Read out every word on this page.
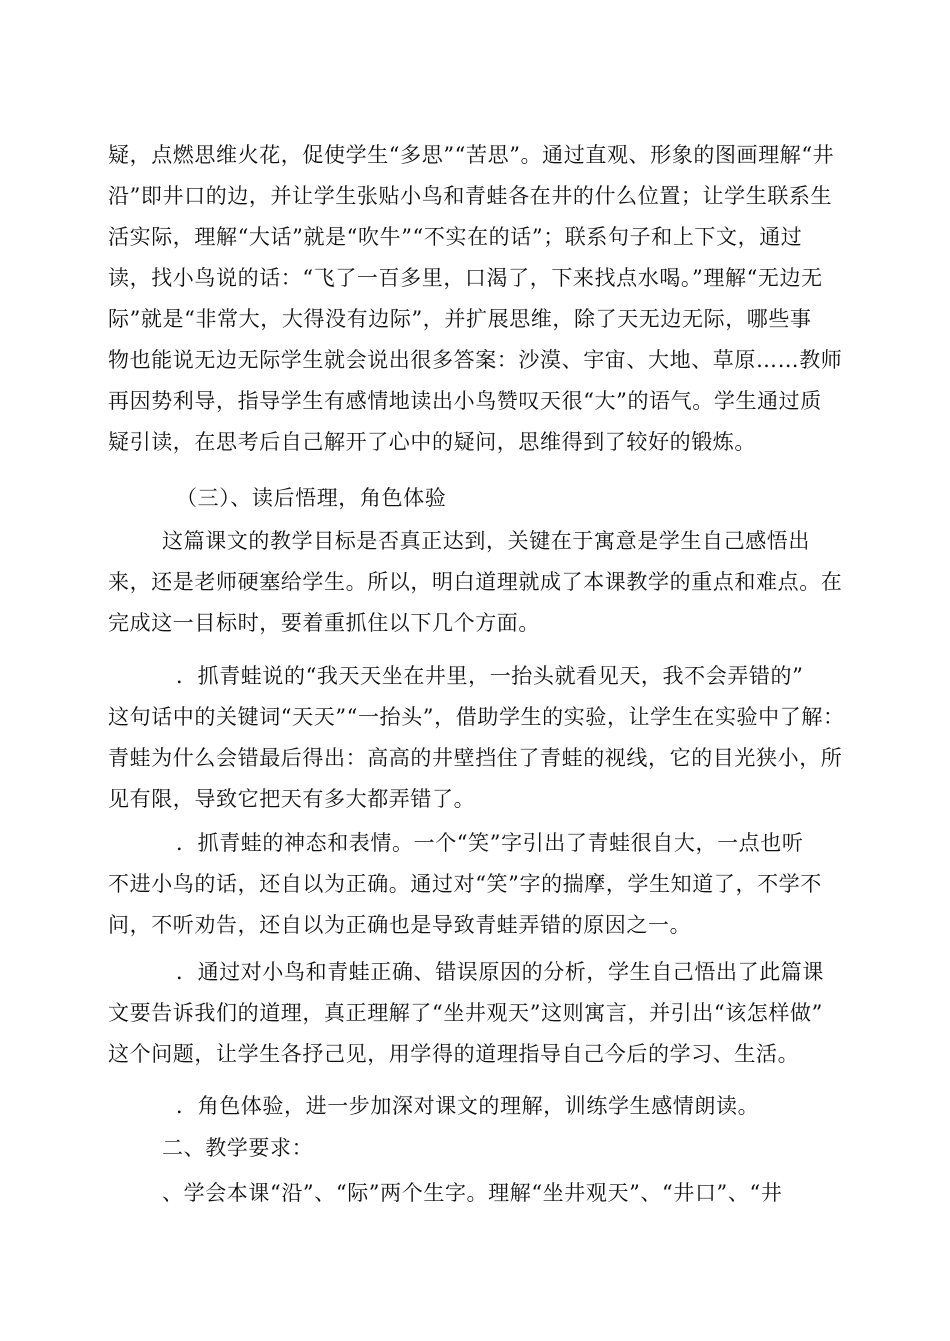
疑，点燃思维火花，促使学生“多思”“苦思”。通过直观、形象的图画理解“井
沿”即井口的边，并让学生张贴小鸟和青蛙各在井的什么位置；让学生联系生
活实际，理解“大话”就是“吹牛”“不实在的话”；联系句子和上下文，通过
读，找小鸟说的话：“飞了一百多里，口渴了，下来找点水喝。”理解“无边无
际”就是“非常大，大得没有边际”，并扩展思维，除了天无边无际，哪些事
物也能说无边无际学生就会说出很多答案：沙漠、宇宙、大地、草原……教师
再因势利导，指导学生有感情地读出小鸟赞叹天很“大”的语气。学生通过质
疑引读，在思考后自己解开了心中的疑问，思维得到了较好的锻炼。
（三）、读后悟理，角色体验
这篇课文的教学目标是否真正达到，关键在于寓意是学生自己感悟出
来，还是老师硬塞给学生。所以，明白道理就成了本课教学的重点和难点。在
完成这一目标时，要着重抓住以下几个方面。
．抓青蛙说的“我天天坐在井里，一抬头就看见天，我不会弄错的”
这句话中的关键词“天天”“一抬头”，借助学生的实验，让学生在实验中了解：
青蛙为什么会错最后得出：高高的井壁挡住了青蛙的视线，它的目光狭小，所
见有限，导致它把天有多大都弄错了。
．抓青蛙的神态和表情。一个“笑”字引出了青蛙很自大，一点也听
不进小鸟的话，还自以为正确。通过对“笑”字的揣摩，学生知道了，不学不
问，不听劝告，还自以为正确也是导致青蛙弄错的原因之一。
．通过对小鸟和青蛙正确、错误原因的分析，学生自己悟出了此篇课
文要告诉我们的道理，真正理解了“坐井观天”这则寓言，并引出“该怎样做”
这个问题，让学生各抒己见，用学得的道理指导自己今后的学习、生活。
．角色体验，进一步加深对课文的理解，训练学生感情朗读。
二、教学要求：
、学会本课“沿”、“际”两个生字。理解“坐井观天”、“井口”、“井
